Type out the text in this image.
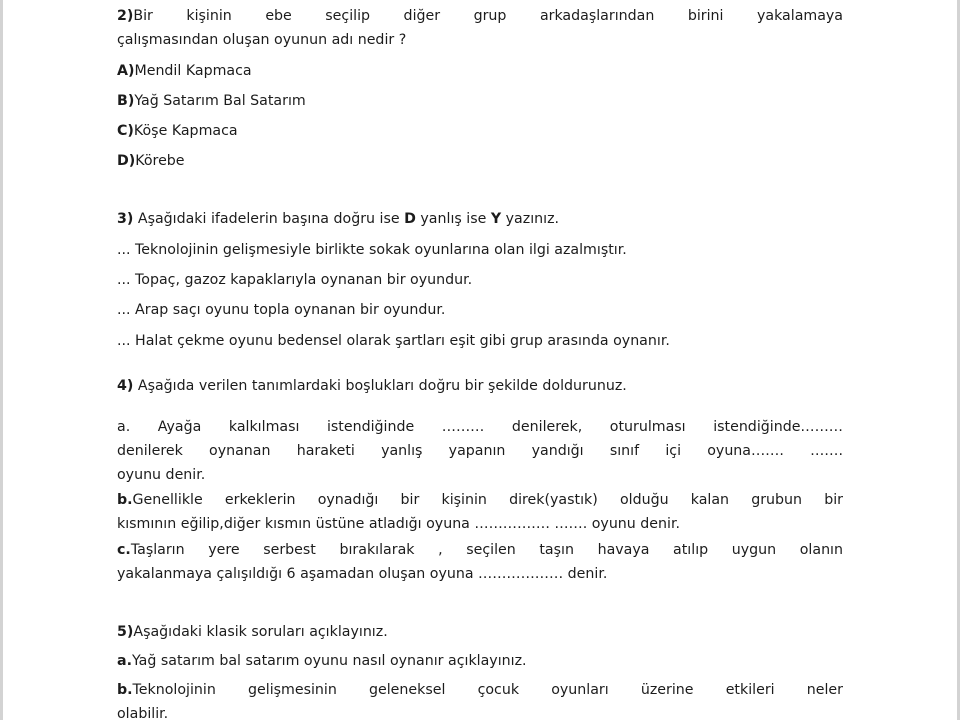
2)Bir kişinin ebe seçilip diğer grup arkadaşlarından birini yakalamaya

çalışmasından oluşan oyunun adı nedir ?

A)Mendil Kapmaca
B)Yağ Satarım Bal Satarım
C)Köşe Kapmaca
D)Körebe
3) Aşağıdaki ifadelerin başına doğru ise D yanlış ise Y yazınız.
... Teknolojinin gelişmesiyle birlikte sokak oyunlarına olan ilgi azalmıştır.
... Topaç, gazoz kapaklarıyla oynanan bir oyundur.
... Arap saçı oyunu topla oynanan bir oyundur.
... Halat çekme oyunu bedensel olarak şartları eşit gibi grup arasında oynanır.
4) Aşağıda verilen tanımlardaki boşlukları doğru bir şekilde doldurunuz.

a. Ayağa kalkılması istendiğinde ……… denilerek, oturulması istendiğinde………

denilerek oynanan haraketi yanlış yapanın yandığı sınıf içi oyuna……. …….

oyunu denir.

b.Genellikle erkeklerin oynadığı bir kişinin direk(yastık) olduğu kalan grubun bir

kısmının eğilip,diğer kısmın üstüne atladığı oyuna ……………. ……. oyunu denir.

c.Taşların yere serbest bırakılarak , seçilen taşın havaya atılıp uygun olanın

yakalanmaya çalışıldığı 6 aşamadan oluşan oyuna ……………… denir.

5)Aşağıdaki klasik soruları açıklayınız.
a.Yağ satarım bal satarım oyunu nasıl oynanır açıklayınız.

b.Teknolojinin gelişmesinin geleneksel çocuk oyunları üzerine etkileri neler

olabilir.
